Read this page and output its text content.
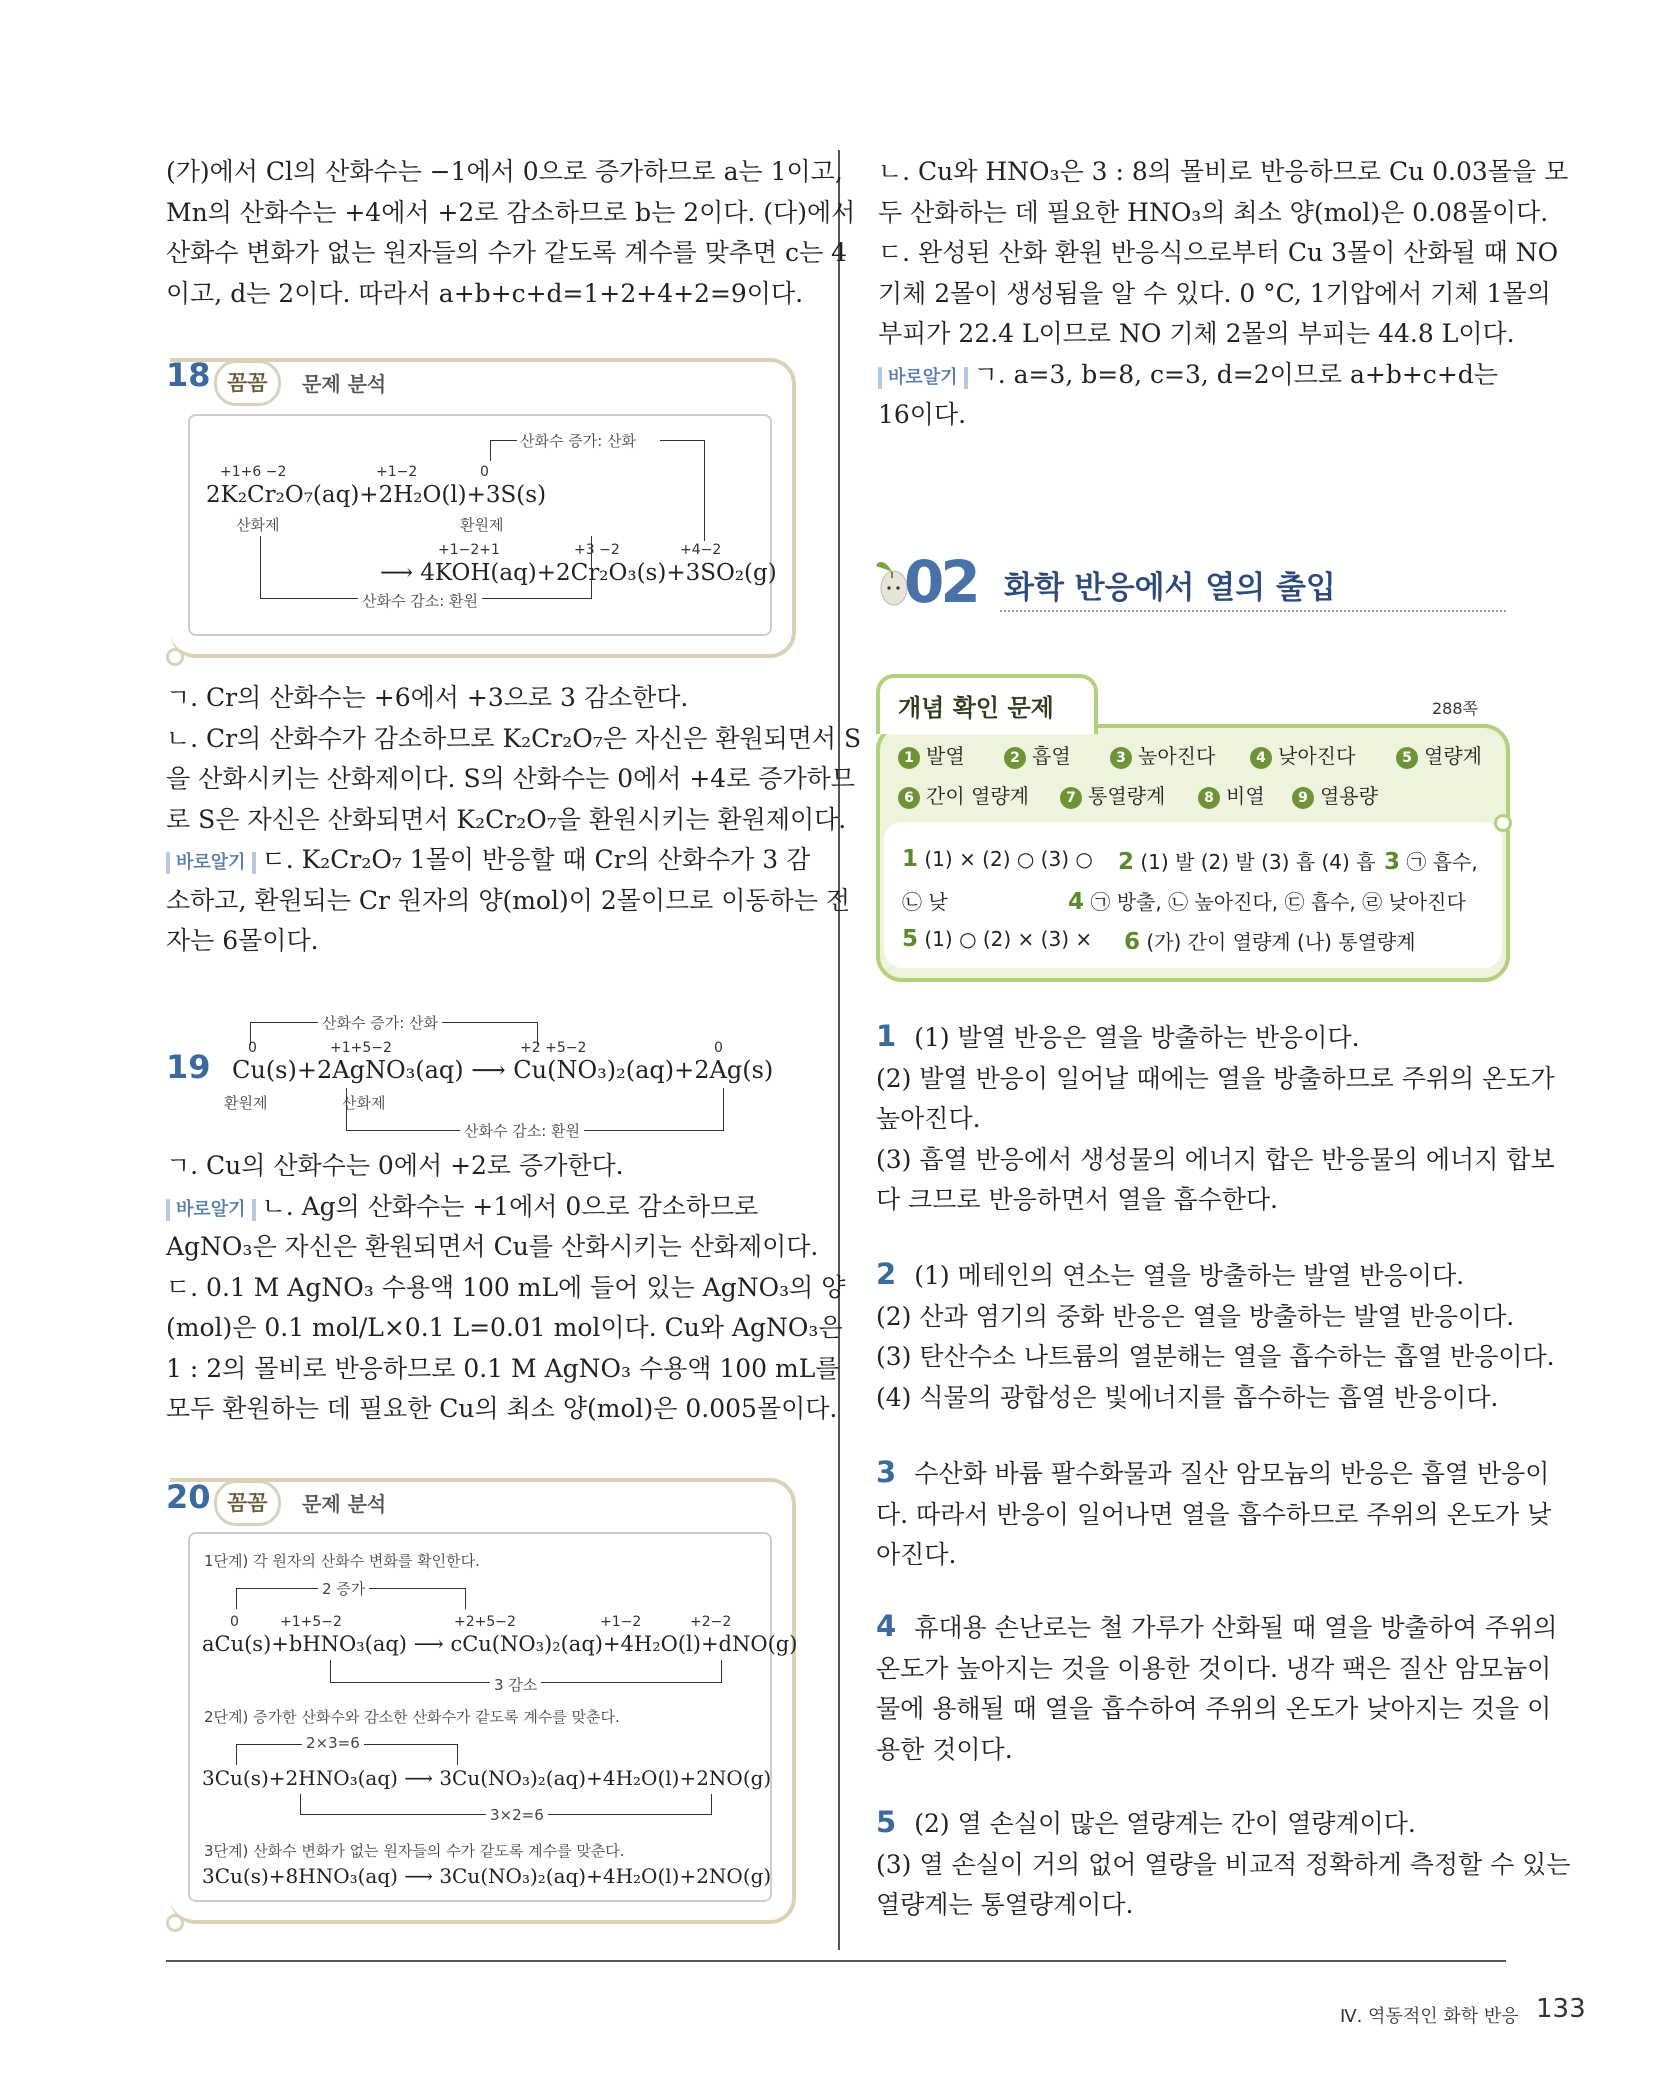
(가)에서 Cl의 산화수는 −1에서 0으로 증가하므로 a는 1이고,

Mn의 산화수는 +4에서 +2로 감소하므로 b는 2이다. (다)에서

산화수 변화가 없는 원자들의 수가 같도록 계수를 맞추면 c는 4

이고, d는 2이다. 따라서 a+b+c+d=1+2+4+2=9이다.

18 꼼꼼	문제 분석
산화수 증가: 산화
+1+6 −2	+1−2	0
2K₂Cr₂O₇(aq)+2H₂O(l)+3S(s)
산화제	환원제
+1−2+1	+3 −2	+4−2
⟶ 4KOH(aq)+2Cr₂O₃(s)+3SO₂(g)
산화수 감소: 환원

ㄱ. Cr의 산화수는 +6에서 +3으로 3 감소한다.

ㄴ. Cr의 산화수가 감소하므로 K₂Cr₂O₇은 자신은 환원되면서 S

을 산화시키는 산화제이다. S의 산화수는 0에서 +4로 증가하므

로 S은 자신은 산화되면서 K₂Cr₂O₇을 환원시키는 환원제이다.

바로알기 ㄷ. K₂Cr₂O₇ 1몰이 반응할 때 Cr의 산화수가 3 감

소하고, 환원되는 Cr 원자의 양(mol)이 2몰이므로 이동하는 전

자는 6몰이다.

19
산화수 증가: 산화
0	+1+5−2	+2 +5−2	0
Cu(s)+2AgNO₃(aq) ⟶ Cu(NO₃)₂(aq)+2Ag(s)
환원제	산화제
산화수 감소: 환원

ㄱ. Cu의 산화수는 0에서 +2로 증가한다.

바로알기 ㄴ. Ag의 산화수는 +1에서 0으로 감소하므로

AgNO₃은 자신은 환원되면서 Cu를 산화시키는 산화제이다.

ㄷ. 0.1 M AgNO₃ 수용액 100 mL에 들어 있는 AgNO₃의 양

(mol)은 0.1 mol/L×0.1 L=0.01 mol이다. Cu와 AgNO₃은

1 : 2의 몰비로 반응하므로 0.1 M AgNO₃ 수용액 100 mL를

모두 환원하는 데 필요한 Cu의 최소 양(mol)은 0.005몰이다.

20 꼼꼼	문제 분석
1단계) 각 원자의 산화수 변화를 확인한다.
2 증가
0	+1+5−2	+2+5−2	+1−2	+2−2
aCu(s)+bHNO₃(aq) ⟶ cCu(NO₃)₂(aq)+4H₂O(l)+dNO(g)
3 감소
2단계) 증가한 산화수와 감소한 산화수가 같도록 계수를 맞춘다.
2×3=6
3Cu(s)+2HNO₃(aq) ⟶ 3Cu(NO₃)₂(aq)+4H₂O(l)+2NO(g)
3×2=6
3단계) 산화수 변화가 없는 원자들의 수가 같도록 계수를 맞춘다.
3Cu(s)+8HNO₃(aq) ⟶ 3Cu(NO₃)₂(aq)+4H₂O(l)+2NO(g)

ㄴ. Cu와 HNO₃은 3 : 8의 몰비로 반응하므로 Cu 0.03몰을 모

두 산화하는 데 필요한 HNO₃의 최소 양(mol)은 0.08몰이다.

ㄷ. 완성된 산화 환원 반응식으로부터 Cu 3몰이 산화될 때 NO

기체 2몰이 생성됨을 알 수 있다. 0 °C, 1기압에서 기체 1몰의

부피가 22.4 L이므로 NO 기체 2몰의 부피는 44.8 L이다.

바로알기 ㄱ. a=3, b=8, c=3, d=2이므로 a+b+c+d는

16이다.

02 화학 반응에서 열의 출입
개념 확인 문제	288쪽
1 발열	2 흡열	3 높아진다	4 낮아진다	5 열량계
6 간이 열량계	7 통열량계	8 비열	9 열용량
1 (1) × (2) ○ (3) ○ 2 (1) 발 (2) 발 (3) 흡 (4) 흡 3 ㉠ 흡수,
㉡ 낮	4 ㉠ 방출, ㉡ 높아진다, ㉢ 흡수, ㉣ 낮아진다
5 (1) ○ (2) × (3) × 6 (가) 간이 열량계 (나) 통열량계

1 (1) 발열 반응은 열을 방출하는 반응이다.

(2) 발열 반응이 일어날 때에는 열을 방출하므로 주위의 온도가

높아진다.

(3) 흡열 반응에서 생성물의 에너지 합은 반응물의 에너지 합보

다 크므로 반응하면서 열을 흡수한다.

2 (1) 메테인의 연소는 열을 방출하는 발열 반응이다.

(2) 산과 염기의 중화 반응은 열을 방출하는 발열 반응이다.

(3) 탄산수소 나트륨의 열분해는 열을 흡수하는 흡열 반응이다.

(4) 식물의 광합성은 빛에너지를 흡수하는 흡열 반응이다.

3 수산화 바륨 팔수화물과 질산 암모늄의 반응은 흡열 반응이

다. 따라서 반응이 일어나면 열을 흡수하므로 주위의 온도가 낮

아진다.

4 휴대용 손난로는 철 가루가 산화될 때 열을 방출하여 주위의

온도가 높아지는 것을 이용한 것이다. 냉각 팩은 질산 암모늄이

물에 용해될 때 열을 흡수하여 주위의 온도가 낮아지는 것을 이

용한 것이다.

5 (2) 열 손실이 많은 열량계는 간이 열량계이다.

(3) 열 손실이 거의 없어 열량을 비교적 정확하게 측정할 수 있는

열량계는 통열량계이다.

Ⅳ. 역동적인 화학 반응 133
